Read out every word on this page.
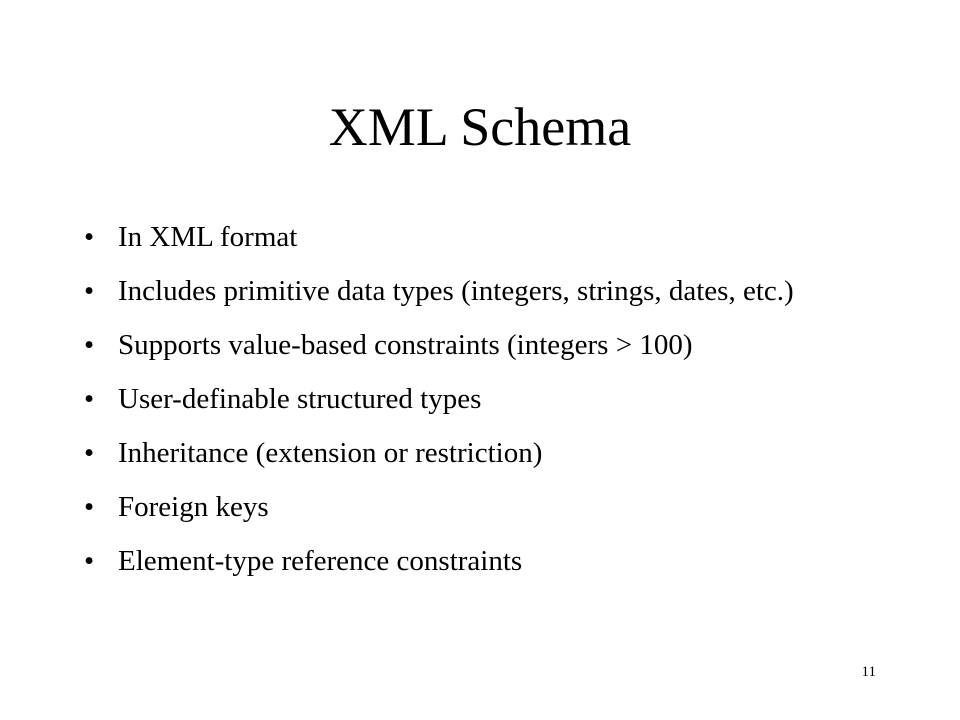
XML Schema
• In XML format
• Includes primitive data types (integers, strings, dates, etc.)
• Supports value-based constraints (integers > 100)
• User-definable structured types
• Inheritance (extension or restriction)
• Foreign keys
• Element-type reference constraints
11
